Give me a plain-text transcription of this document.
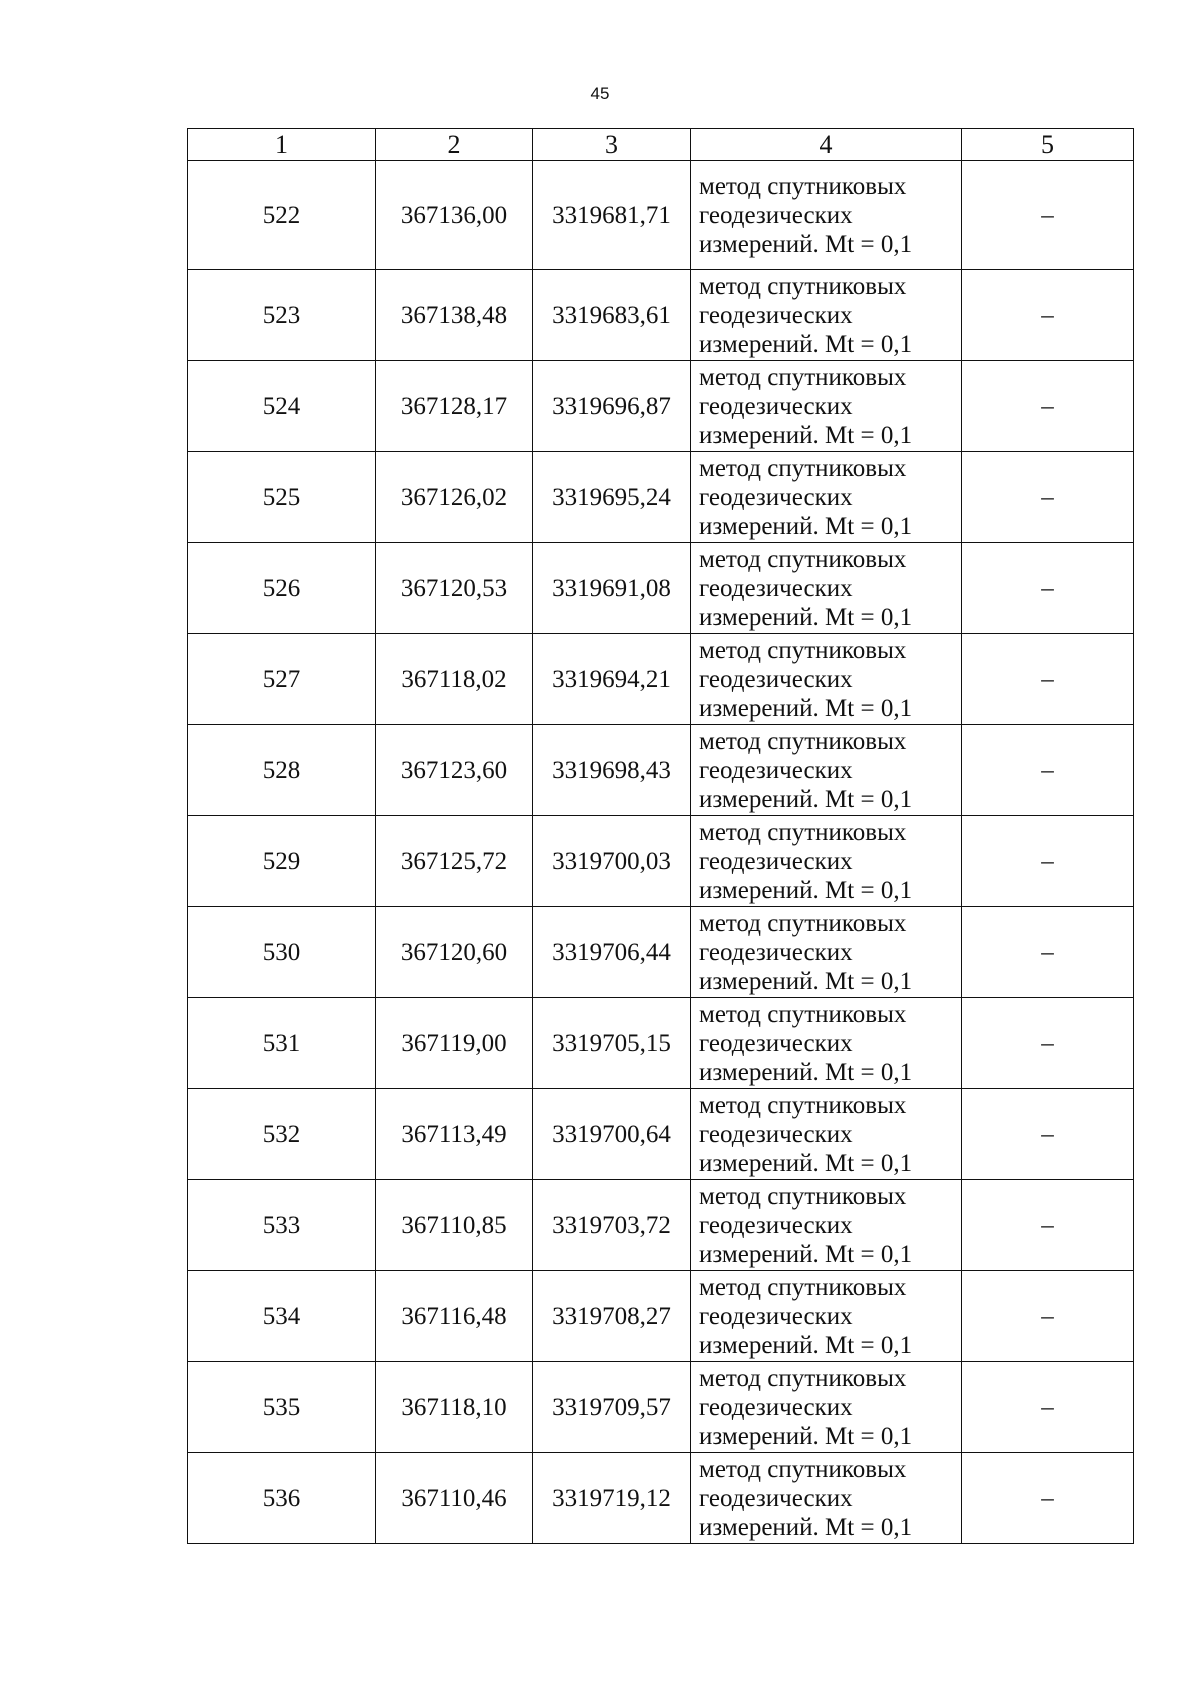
45
1	2	3	4	5
522	367136,00	3319681,71	метод спутниковых
геодезических
измерений. Mt = 0,1	–
523	367138,48	3319683,61	метод спутниковых
геодезических
измерений. Mt = 0,1	–
524	367128,17	3319696,87	метод спутниковых
геодезических
измерений. Mt = 0,1	–
525	367126,02	3319695,24	метод спутниковых
геодезических
измерений. Mt = 0,1	–
526	367120,53	3319691,08	метод спутниковых
геодезических
измерений. Mt = 0,1	–
527	367118,02	3319694,21	метод спутниковых
геодезических
измерений. Mt = 0,1	–
528	367123,60	3319698,43	метод спутниковых
геодезических
измерений. Mt = 0,1	–
529	367125,72	3319700,03	метод спутниковых
геодезических
измерений. Mt = 0,1	–
530	367120,60	3319706,44	метод спутниковых
геодезических
измерений. Mt = 0,1	–
531	367119,00	3319705,15	метод спутниковых
геодезических
измерений. Mt = 0,1	–
532	367113,49	3319700,64	метод спутниковых
геодезических
измерений. Mt = 0,1	–
533	367110,85	3319703,72	метод спутниковых
геодезических
измерений. Mt = 0,1	–
534	367116,48	3319708,27	метод спутниковых
геодезических
измерений. Mt = 0,1	–
535	367118,10	3319709,57	метод спутниковых
геодезических
измерений. Mt = 0,1	–
536	367110,46	3319719,12	метод спутниковых
геодезических
измерений. Mt = 0,1	–
